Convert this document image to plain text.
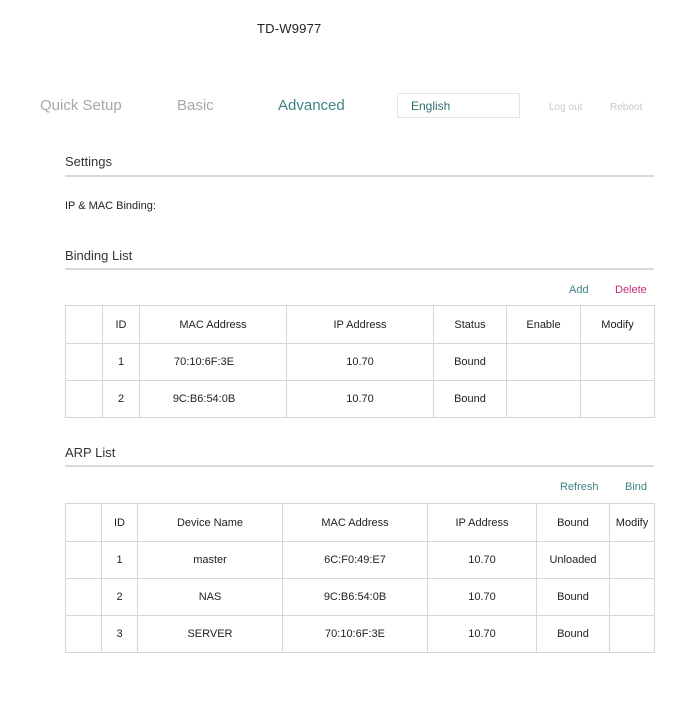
TD-W9977
Quick Setup	Basic	Advanced	English	Log out	Reboot
Settings
IP & MAC Binding:
Binding List
Add Delete
	ID	MAC Address	IP Address	Status	Enable	Modify
	1	70:10:6F:3E	10.70	Bound		
	2	9C:B6:54:0B	10.70	Bound		
ARP List
Refresh Bind
	ID	Device Name	MAC Address	IP Address	Bound	Modify
	1	master	6C:F0:49:E7	10.70	Unloaded	
	2	NAS	9C:B6:54:0B	10.70	Bound	
	3	SERVER	70:10:6F:3E	10.70	Bound	
